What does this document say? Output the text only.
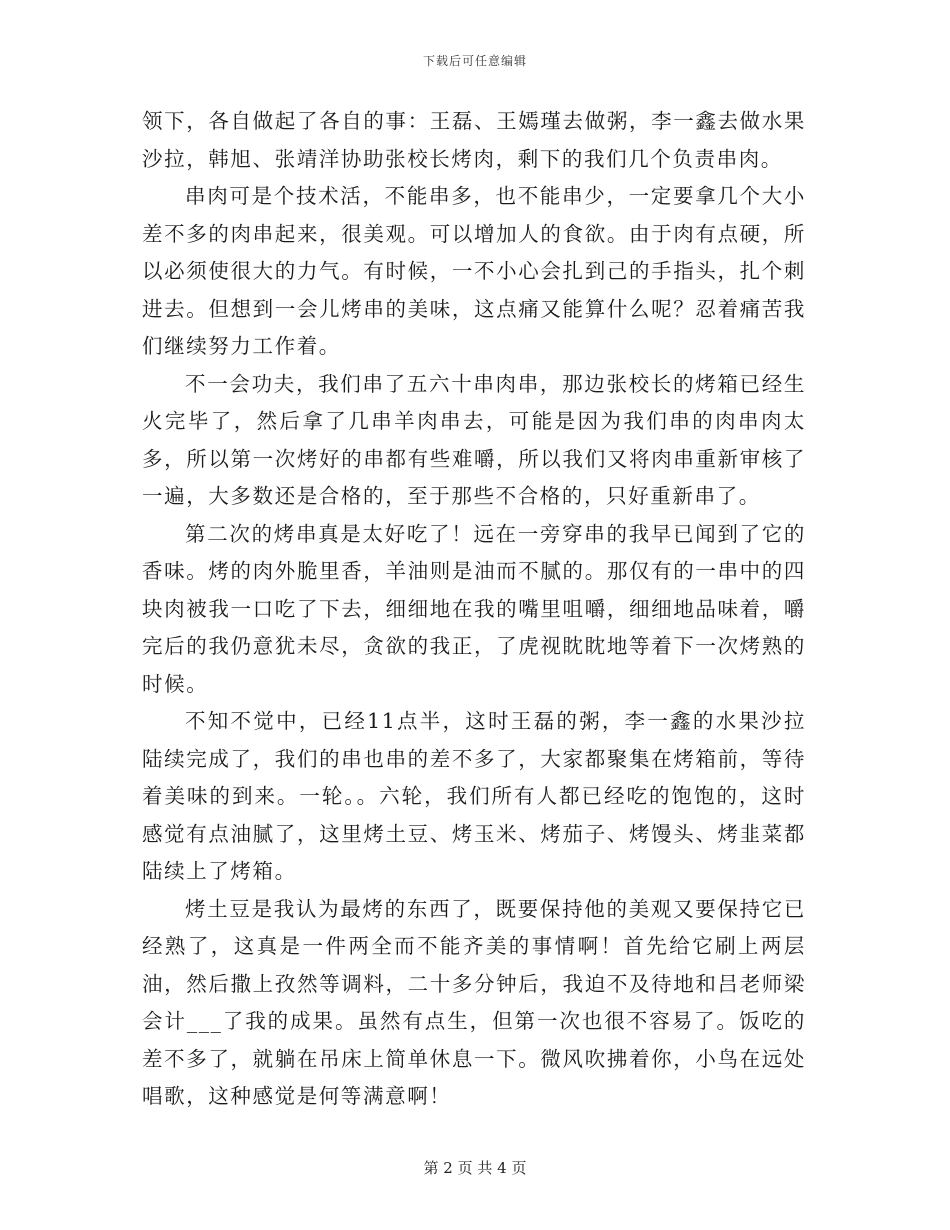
下载后可任意编辑

领下，各自做起了各自的事：王磊、王嫣瑾去做粥，李一鑫去做水果沙拉，韩旭、张靖洋协助张校长烤肉，剩下的我们几个负责串肉。

串肉可是个技术活，不能串多，也不能串少，一定要拿几个大小差不多的肉串起来，很美观。可以增加人的食欲。由于肉有点硬，所以必须使很大的力气。有时候，一不小心会扎到己的手指头，扎个刺进去。但想到一会儿烤串的美味，这点痛又能算什么呢？忍着痛苦我们继续努力工作着。

不一会功夫，我们串了五六十串肉串，那边张校长的烤箱已经生火完毕了，然后拿了几串羊肉串去，可能是因为我们串的肉串肉太多，所以第一次烤好的串都有些难嚼，所以我们又将肉串重新审核了一遍，大多数还是合格的，至于那些不合格的，只好重新串了。

第二次的烤串真是太好吃了！远在一旁穿串的我早已闻到了它的香味。烤的肉外脆里香，羊油则是油而不腻的。那仅有的一串中的四块肉被我一口吃了下去，细细地在我的嘴里咀嚼，细细地品味着，嚼完后的我仍意犹未尽，贪欲的我正，了虎视眈眈地等着下一次烤熟的时候。

不知不觉中，已经11点半，这时王磊的粥，李一鑫的水果沙拉陆续完成了，我们的串也串的差不多了，大家都聚集在烤箱前，等待着美味的到来。一轮。。六轮，我们所有人都已经吃的饱饱的，这时感觉有点油腻了，这里烤土豆、烤玉米、烤茄子、烤馒头、烤韭菜都陆续上了烤箱。

烤土豆是我认为最烤的东西了，既要保持他的美观又要保持它已经熟了，这真是一件两全而不能齐美的事情啊！首先给它刷上两层油，然后撒上孜然等调料，二十多分钟后，我迫不及待地和吕老师梁会计___了我的成果。虽然有点生，但第一次也很不容易了。饭吃的差不多了，就躺在吊床上简单休息一下。微风吹拂着你，小鸟在远处唱歌，这种感觉是何等满意啊！

第 2 页 共 4 页
